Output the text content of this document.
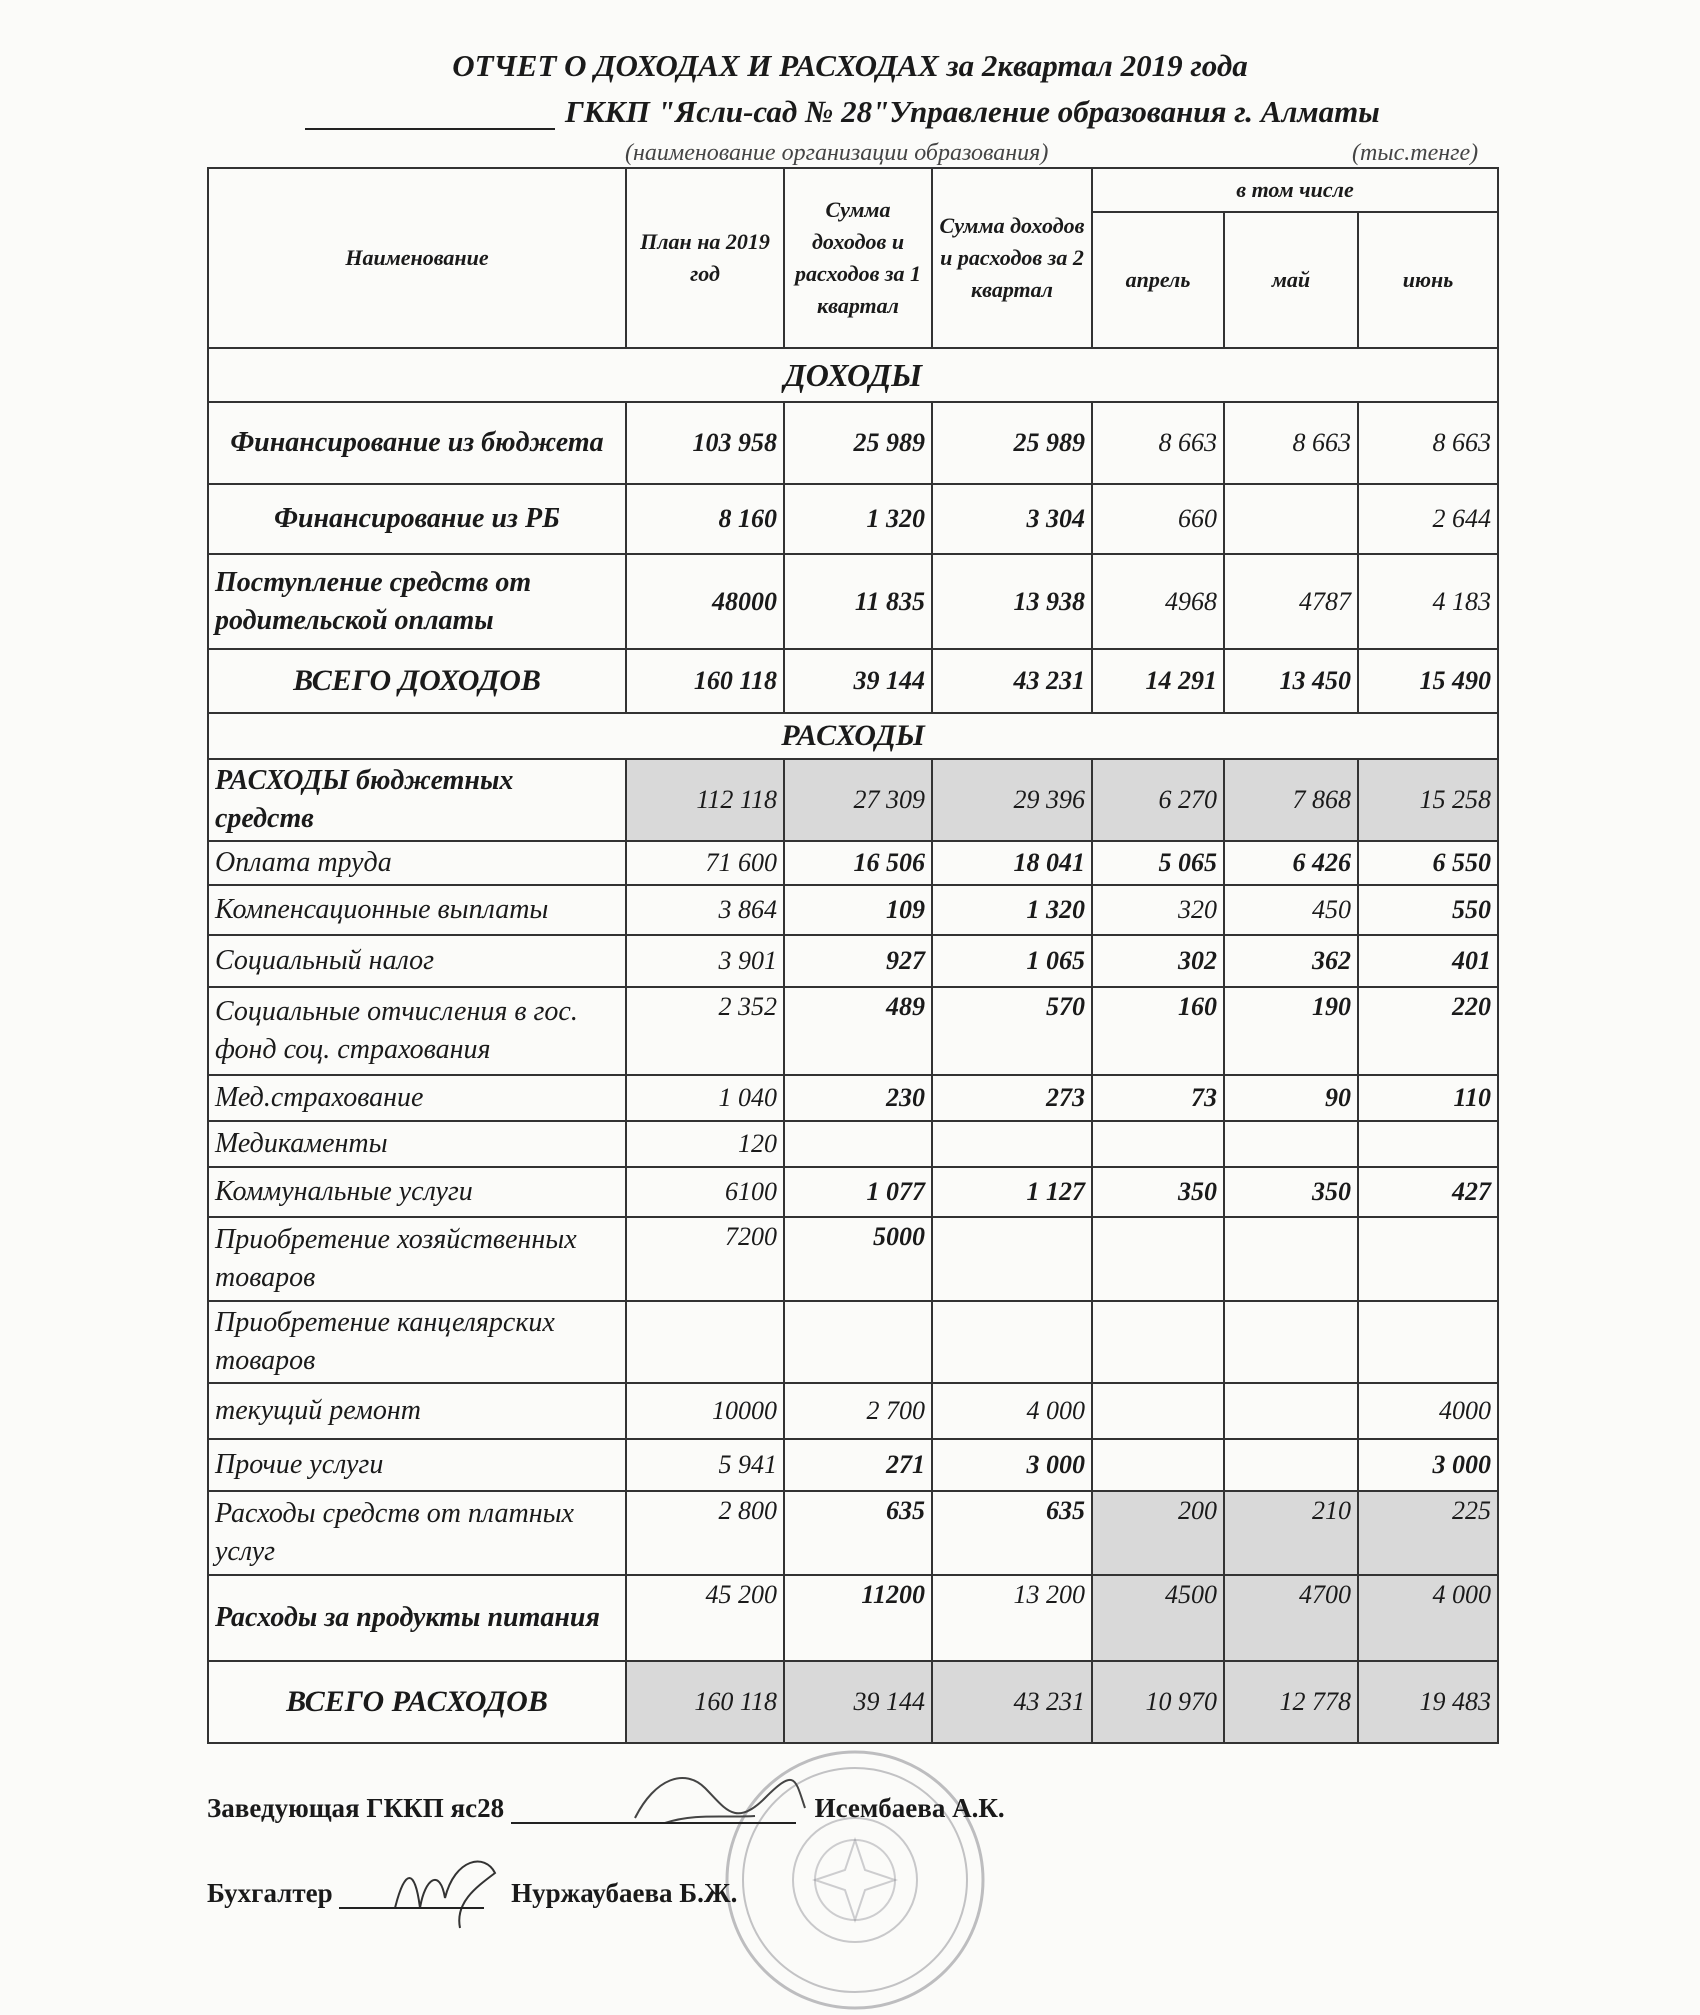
ОТЧЕТ О ДОХОДАХ И РАСХОДАХ за 2квартал 2019 года
ГККП "Ясли-сад № 28"Управление образования г. Алматы
(наименование организации образования)	(тыс.тенге)
Наименование	План на 2019 год	Сумма доходов и расходов за 1 квартал	Сумма доходов и расходов за 2 квартал	в том числе		
				апрель	май	июнь
ДОХОДЫ						
Финансирование из бюджета	103 958	25 989	25 989	8 663	8 663	8 663
Финансирование из РБ	8 160	1 320	3 304	660		2 644
Поступление средств от родительской оплаты	48000	11 835	13 938	4968	4787	4 183
ВСЕГО ДОХОДОВ	160 118	39 144	43 231	14 291	13 450	15 490
РАСХОДЫ						
РАСХОДЫ бюджетных средств	112 118	27 309	29 396	6 270	7 868	15 258
Оплата труда	71 600	16 506	18 041	5 065	6 426	6 550
Компенсационные выплаты	3 864	109	1 320	320	450	550
Социальный налог	3 901	927	1 065	302	362	401
Социальные отчисления в гос. фонд соц. страхования	2 352	489	570	160	190	220
Мед.страхование	1 040	230	273	73	90	110
Медикаменты	120					
Коммунальные услуги	6100	1 077	1 127	350	350	427
Приобретение хозяйственных товаров	7200	5000				
Приобретение канцелярских товаров						
текущий ремонт	10000	2 700	4 000			4000
Прочие услуги	5 941	271	3 000			3 000
Расходы средств от платных услуг	2 800	635	635	200	210	225
Расходы за продукты питания	45 200	11200	13 200	4500	4700	4 000
ВСЕГО РАСХОДОВ	160 118	39 144	43 231	10 970	12 778	19 483
Заведующая ГККП яс28	Исембаева А.К.
Бухгалтер	Нуржаубаева Б.Ж.
